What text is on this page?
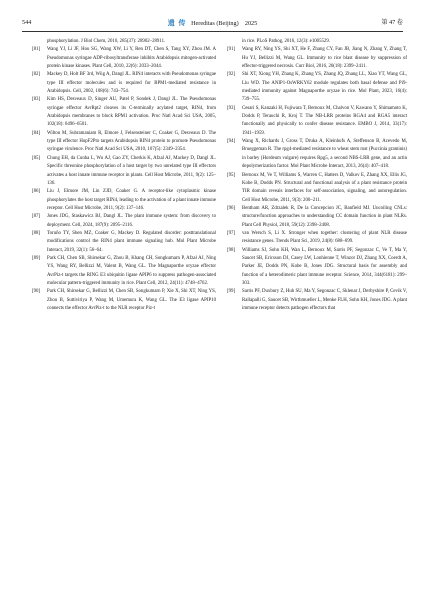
544	遗 传 Hereditas (Beijing) 2025	第 47 卷
phosphorylation. J Biol Chem, 2010, 285(37): 28902–28911.
[81] Wang YJ, Li JF, Hou SG, Wang XW, Li Y, Ren DT, Chen S, Tang XY, Zhou JM. A Pseudomonas syringae ADP-ribosyltransferase inhibits Arabidopsis mitogen-activated protein kinase kinases. Plant Cell, 2010, 22(6): 2033–2044.
[82] Mackey D, Holt BF 3rd, Wiig A, Dangl JL. RIN4 interacts with Pseudomonas syringae type III effector molecules and is required for RPM1-mediated resistance in Arabidopsis. Cell, 2002, 108(6): 743–754.
[83] Kim HS, Desveaux D, Singer AU, Patel P, Sondek J, Dangl JL. The Pseudomonas syringae effector AvrRpt2 cleaves its C-terminally acylated target, RIN4, from Arabidopsis membranes to block RPM1 activation. Proc Natl Acad Sci USA, 2005, 102(18): 6496–6501.
[84] Wilton M, Subramaniam R, Elmore J, Felsensteiner C, Coaker G, Desveaux D. The type III effector HopF2Pto targets Arabidopsis RIN4 protein to promote Pseudomonas syringae virulence. Proc Natl Acad Sci USA, 2010, 107(5): 2349–2354.
[85] Chung EH, da Cunha L, Wu AJ, Gao ZY, Cherkis K, Afzal AJ, Mackey D, Dangl JL. Specific threonine phosphorylation of a host target by two unrelated type III effectors activates a host innate immune receptor in plants. Cell Host Microbe, 2011, 9(2): 125–136.
[86] Liu J, Elmore JM, Lin ZJD, Coaker G. A receptor-like cytoplasmic kinase phosphorylates the host target RIN4, leading to the activation of a plant innate immune receptor. Cell Host Microbe, 2011, 9(2): 137–146.
[87] Jones JDG, Staskawicz BJ, Dangl JL. The plant immune system: from discovery to deployment. Cell, 2024, 187(9): 2095–2116.
[88] Toruño TY, Shen MZ, Coaker G, Mackey D. Regulated disorder: posttranslational modifications control the RIN4 plant immune signaling hub. Mol Plant Microbe Interact, 2019, 32(1): 56–64.
[89] Park CH, Chen SB, Shirsekar G, Zhou B, Khang CH, Songkumarn P, Afzal AJ, Ning YS, Wang RY, Bellizzi M, Valent B, Wang GL. The Magnaporthe oryzae effector AvrPiz-t targets the RING E3 ubiquitin ligase APIP6 to suppress pathogen-associated molecular pattern-triggered immunity in rice. Plant Cell, 2012, 24(11): 4748–4762.
[90] Park CH, Shirsekar G, Bellizzi M, Chen SB, Songkumarn P, Xie X, Shi XT, Ning YS, Zhou B, Suttiviriya P, Wang M, Umemura K, Wang GL. The E3 ligase APIP10 connects the effector AvrPiz-t to the NLR receptor Piz-t
in rice. PLoS Pathog, 2016, 12(3): e1005529.
[91] Wang RY, Ning YS, Shi XT, He F, Zhang CY, Fan JB, Jiang N, Zhang Y, Zhang T, Hu YJ, Bellizzi M, Wang GL. Immunity to rice blast disease by suppression of effector-triggered necrosis. Curr Biol, 2016, 26(18): 2399–2411.
[92] Shi XT, Xiong YH, Zhang K, Zhang YS, Zhang JQ, Zhang LL, Xiao YT, Wang GL, Liu WD. The ANIP1-OsWRKY62 module regulates both basal defense and Pi9-mediated immunity against Magnaporthe oryzae in rice. Mol Plant, 2023, 16(4): 739–755.
[93] Cesari S, Kanzaki H, Fujiwara T, Bernoux M, Chalvon V, Kawano Y, Shimamoto K, Dodds P, Terauchi R, Kroj T. The NB-LRR proteins RGA4 and RGA5 interact functionally and physically to confer disease resistance. EMBO J, 2014, 33(17): 1941–1959.
[94] Wang X, Richards J, Gross T, Druka A, Kleinhofs A, Steffenson B, Acevedo M, Brueggeman R. The rpg4-mediated resistance to wheat stem rust (Puccinia graminis) in barley (Hordeum vulgare) requires Rpg5, a second NBS-LRR gene, and an actin depolymerization factor. Mol Plant Microbe Interact, 2013, 26(4): 407–418.
[95] Bernoux M, Ve T, Williams S, Warren C, Hatters D, Valkov E, Zhang XX, Ellis JG, Kobe B, Dodds PN. Structural and functional analysis of a plant resistance protein TIR domain reveals interfaces for self-association, signaling, and autoregulation. Cell Host Microbe, 2011, 9(3): 200–211.
[96] Bentham AR, Zdrzalek R, De la Concepcion JC, Banfield MJ. Uncoiling CNLs: structure/function approaches to understanding CC domain function in plant NLRs. Plant Cell Physiol, 2018, 59(12): 2398–2408.
[97] van Wersch S, Li X. Stronger when together: clustering of plant NLR disease resistance genes. Trends Plant Sci, 2019, 24(8): 688–699.
[98] Williams SJ, Sohn KH, Wan L, Bernoux M, Sarris PF, Segonzac C, Ve T, Ma Y, Saucet SB, Ericsson DJ, Casey LW, Lonhienne T, Winzor DJ, Zhang XX, Coerdt A, Parker JE, Dodds PN, Kobe B, Jones JDG. Structural basis for assembly and function of a heterodimeric plant immune receptor. Science, 2014, 344(6181): 299–303.
[99] Sarris PF, Duxbury Z, Huh SU, Ma Y, Segonzac C, Sklenar J, Derbyshire P, Cevik V, Rallapalli G, Saucet SB, Wirthmueller L, Menke FLH, Sohn KH, Jones JDG. A plant immune receptor detects pathogen effectors that
